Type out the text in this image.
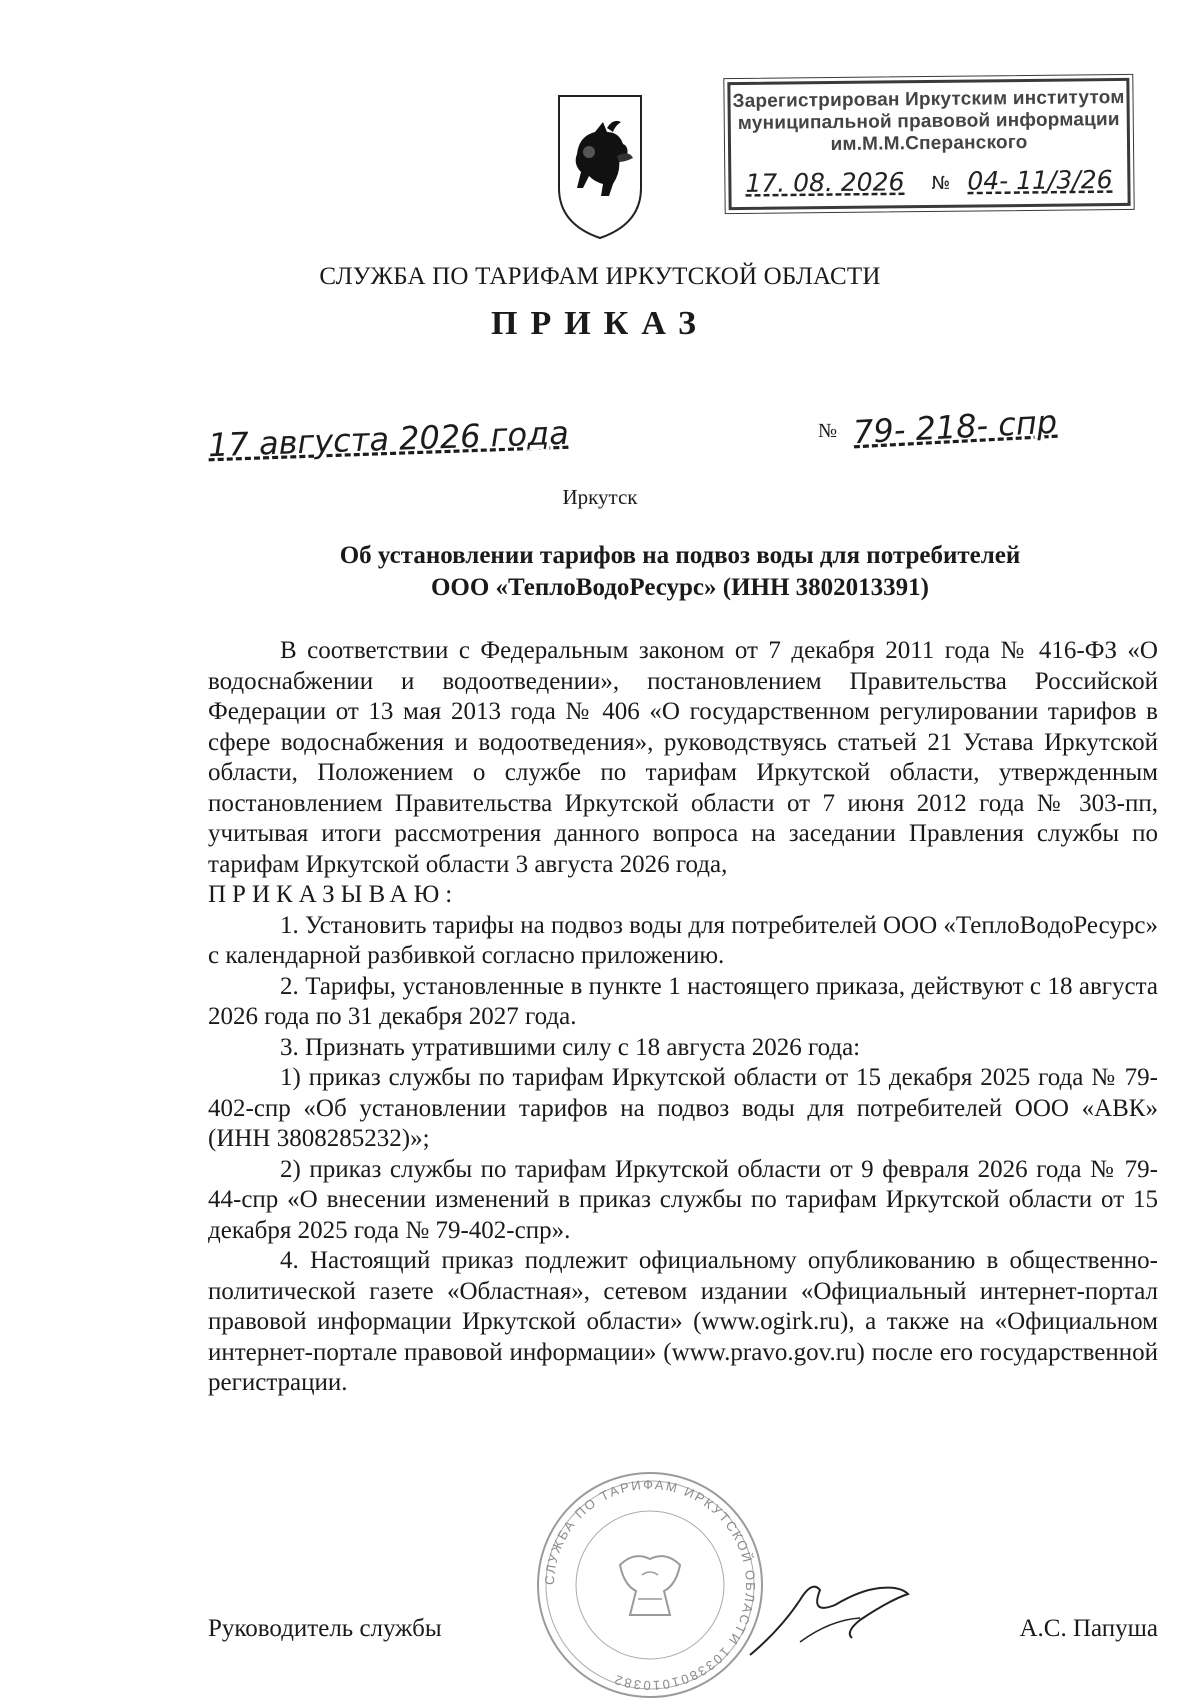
Зарегистрирован Иркутским институтом
муниципальной правовой информации
им.М.М.Сперанского
17. 08. 2026 № 04- 11/3/26
СЛУЖБА ПО ТАРИФАМ ИРКУТСКОЙ ОБЛАСТИ
ПРИКАЗ
17 августа 2026 года	№ 79- 218- спр
Иркутск
Об установлении тарифов на подвоз воды для потребителей
ООО «ТеплоВодоРесурс» (ИНН 3802013391)

В соответствии с Федеральным законом от 7 декабря 2011 года № 416-ФЗ «О водоснабжении и водоотведении», постановлением Правительства Российской Федерации от 13 мая 2013 года № 406 «О государственном регулировании тарифов в сфере водоснабжения и водоотведения», руководствуясь статьей 21 Устава Иркутской области, Положением о службе по тарифам Иркутской области, утвержденным постановлением Правительства Иркутской области от 7 июня 2012 года № 303-пп, учитывая итоги рассмотрения данного вопроса на заседании Правления службы по тарифам Иркутской области 3 августа 2026 года,

ПРИКАЗЫВАЮ:

1. Установить тарифы на подвоз воды для потребителей ООО «ТеплоВодоРесурс» с календарной разбивкой согласно приложению.

2. Тарифы, установленные в пункте 1 настоящего приказа, действуют с 18 августа 2026 года по 31 декабря 2027 года.

3. Признать утратившими силу с 18 августа 2026 года:

1) приказ службы по тарифам Иркутской области от 15 декабря 2025 года № 79-402-спр «Об установлении тарифов на подвоз воды для потребителей ООО «АВК» (ИНН 3808285232)»;

2) приказ службы по тарифам Иркутской области от 9 февраля 2026 года № 79-44-спр «О внесении изменений в приказ службы по тарифам Иркутской области от 15 декабря 2025 года № 79-402-спр».

4. Настоящий приказ подлежит официальному опубликованию в общественно-политической газете «Областная», сетевом издании «Официальный интернет-портал правовой информации Иркутской области» (www.ogirk.ru), а также на «Официальном интернет-портале правовой информации» (www.pravo.gov.ru) после его государственной регистрации.

СЛУЖБА ПО ТАРИФАМ ИРКУТСКОЙ ОБЛАСТИ 1033801010382
Руководитель службы	А.С. Папуша
